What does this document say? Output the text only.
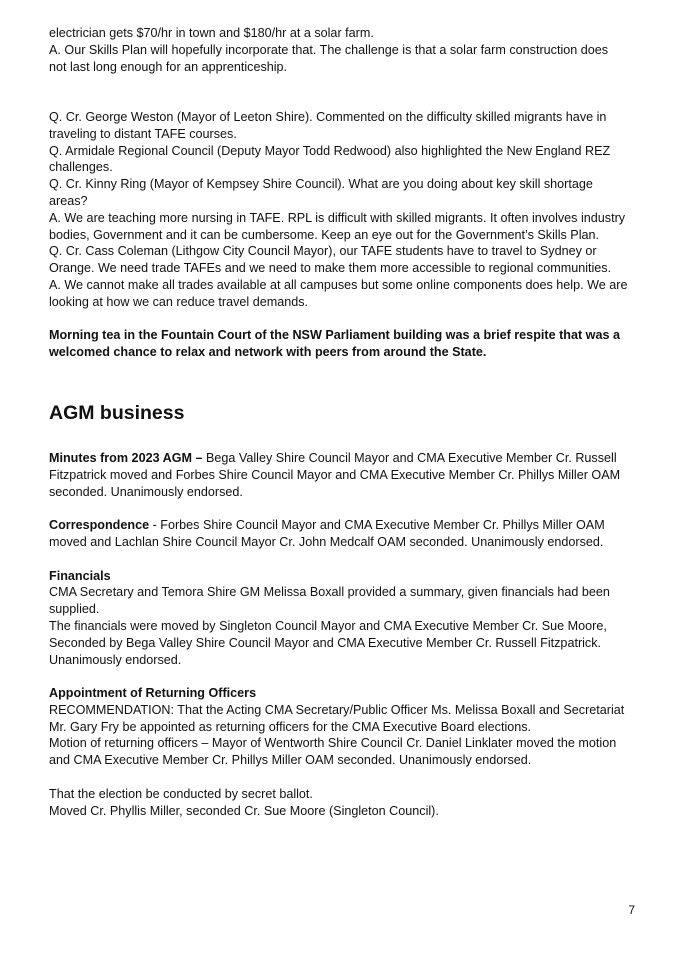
electrician gets $70/hr in town and $180/hr at a solar farm.

A. Our Skills Plan will hopefully incorporate that. The challenge is that a solar farm construction does not last long enough for an apprenticeship.

Q. Cr. George Weston (Mayor of Leeton Shire). Commented on the difficulty skilled migrants have in traveling to distant TAFE courses.

Q. Armidale Regional Council (Deputy Mayor Todd Redwood) also highlighted the New England REZ challenges.

Q. Cr. Kinny Ring (Mayor of Kempsey Shire Council). What are you doing about key skill shortage areas?

A. We are teaching more nursing in TAFE. RPL is difficult with skilled migrants. It often involves industry bodies, Government and it can be cumbersome. Keep an eye out for the Government’s Skills Plan.

Q. Cr. Cass Coleman (Lithgow City Council Mayor), our TAFE students have to travel to Sydney or Orange. We need trade TAFEs and we need to make them more accessible to regional communities.

A. We cannot make all trades available at all campuses but some online components does help. We are looking at how we can reduce travel demands.

Morning tea in the Fountain Court of the NSW Parliament building was a brief respite that was a welcomed chance to relax and network with peers from around the State.

AGM business

Minutes from 2023 AGM – Bega Valley Shire Council Mayor and CMA Executive Member Cr. Russell Fitzpatrick moved and Forbes Shire Council Mayor and CMA Executive Member Cr. Phillys Miller OAM seconded. Unanimously endorsed.

Correspondence - Forbes Shire Council Mayor and CMA Executive Member Cr. Phillys Miller OAM moved and Lachlan Shire Council Mayor Cr. John Medcalf OAM seconded. Unanimously endorsed.

Financials

CMA Secretary and Temora Shire GM Melissa Boxall provided a summary, given financials had been supplied.

The financials were moved by Singleton Council Mayor and CMA Executive Member Cr. Sue Moore, Seconded by Bega Valley Shire Council Mayor and CMA Executive Member Cr. Russell Fitzpatrick. Unanimously endorsed.

Appointment of Returning Officers

RECOMMENDATION: That the Acting CMA Secretary/Public Officer Ms. Melissa Boxall and Secretariat Mr. Gary Fry be appointed as returning officers for the CMA Executive Board elections.

Motion of returning officers – Mayor of Wentworth Shire Council Cr. Daniel Linklater moved the motion and CMA Executive Member Cr. Phillys Miller OAM seconded. Unanimously endorsed.

That the election be conducted by secret ballot.

Moved Cr. Phyllis Miller, seconded Cr. Sue Moore (Singleton Council).

7
